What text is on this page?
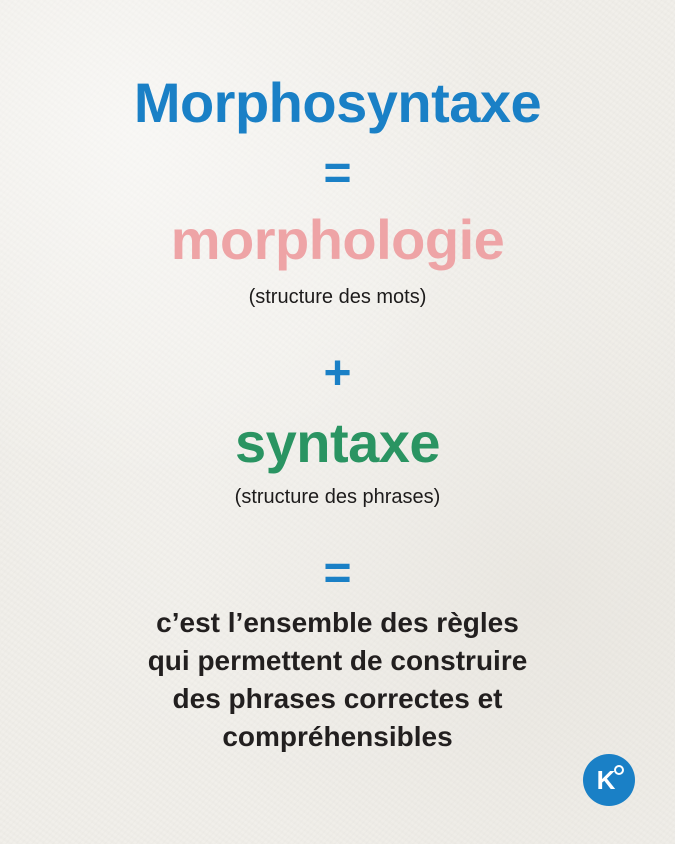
Morphosyntaxe
=
morphologie
(structure des mots)
+
syntaxe
(structure des phrases)
=
c’est l’ensemble des règles
qui permettent de construire
des phrases correctes et
compréhensibles
K
